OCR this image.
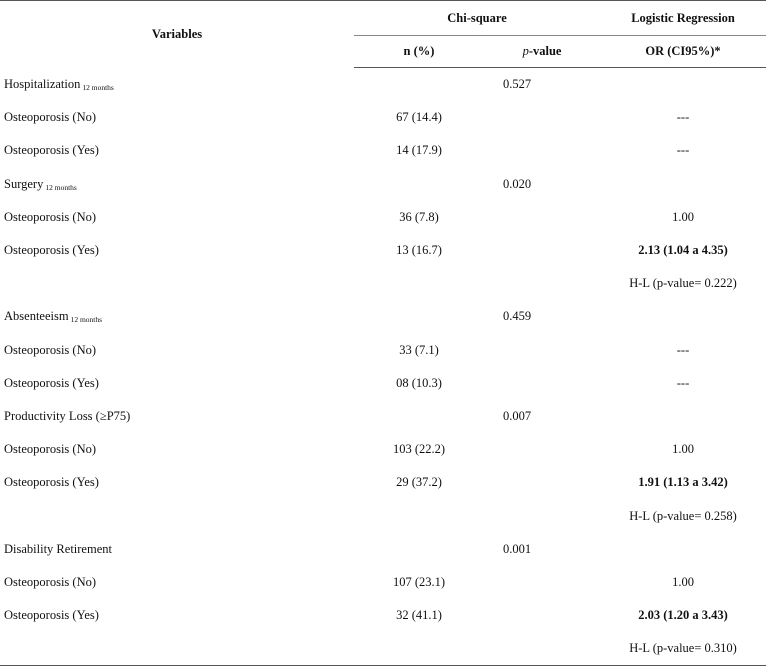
Variables	Chi-square		Logistic Regression
	n (%)	p-value	OR (CI95%)*
Hospitalization $_{12 months}$		0.527	
Osteoporosis (No)	67 (14.4)		---
Osteoporosis (Yes)	14 (17.9)		---
Surgery $_{12 months}$		0.020	
Osteoporosis (No)	36 (7.8)		1.00
Osteoporosis (Yes)	13 (16.7)		2.13 (1.04 a 4.35)
			H-L (p-value= 0.222)
Absenteeism $_{12 months}$		0.459	
Osteoporosis (No)	33 (7.1)		---
Osteoporosis (Yes)	08 (10.3)		---
Productivity Loss (≥P75)		0.007	
Osteoporosis (No)	103 (22.2)		1.00
Osteoporosis (Yes)	29 (37.2)		1.91 (1.13 a 3.42)
			H-L (p-value= 0.258)
Disability Retirement		0.001	
Osteoporosis (No)	107 (23.1)		1.00
Osteoporosis (Yes)	32 (41.1)		2.03 (1.20 a 3.43)
			H-L (p-value= 0.310)
